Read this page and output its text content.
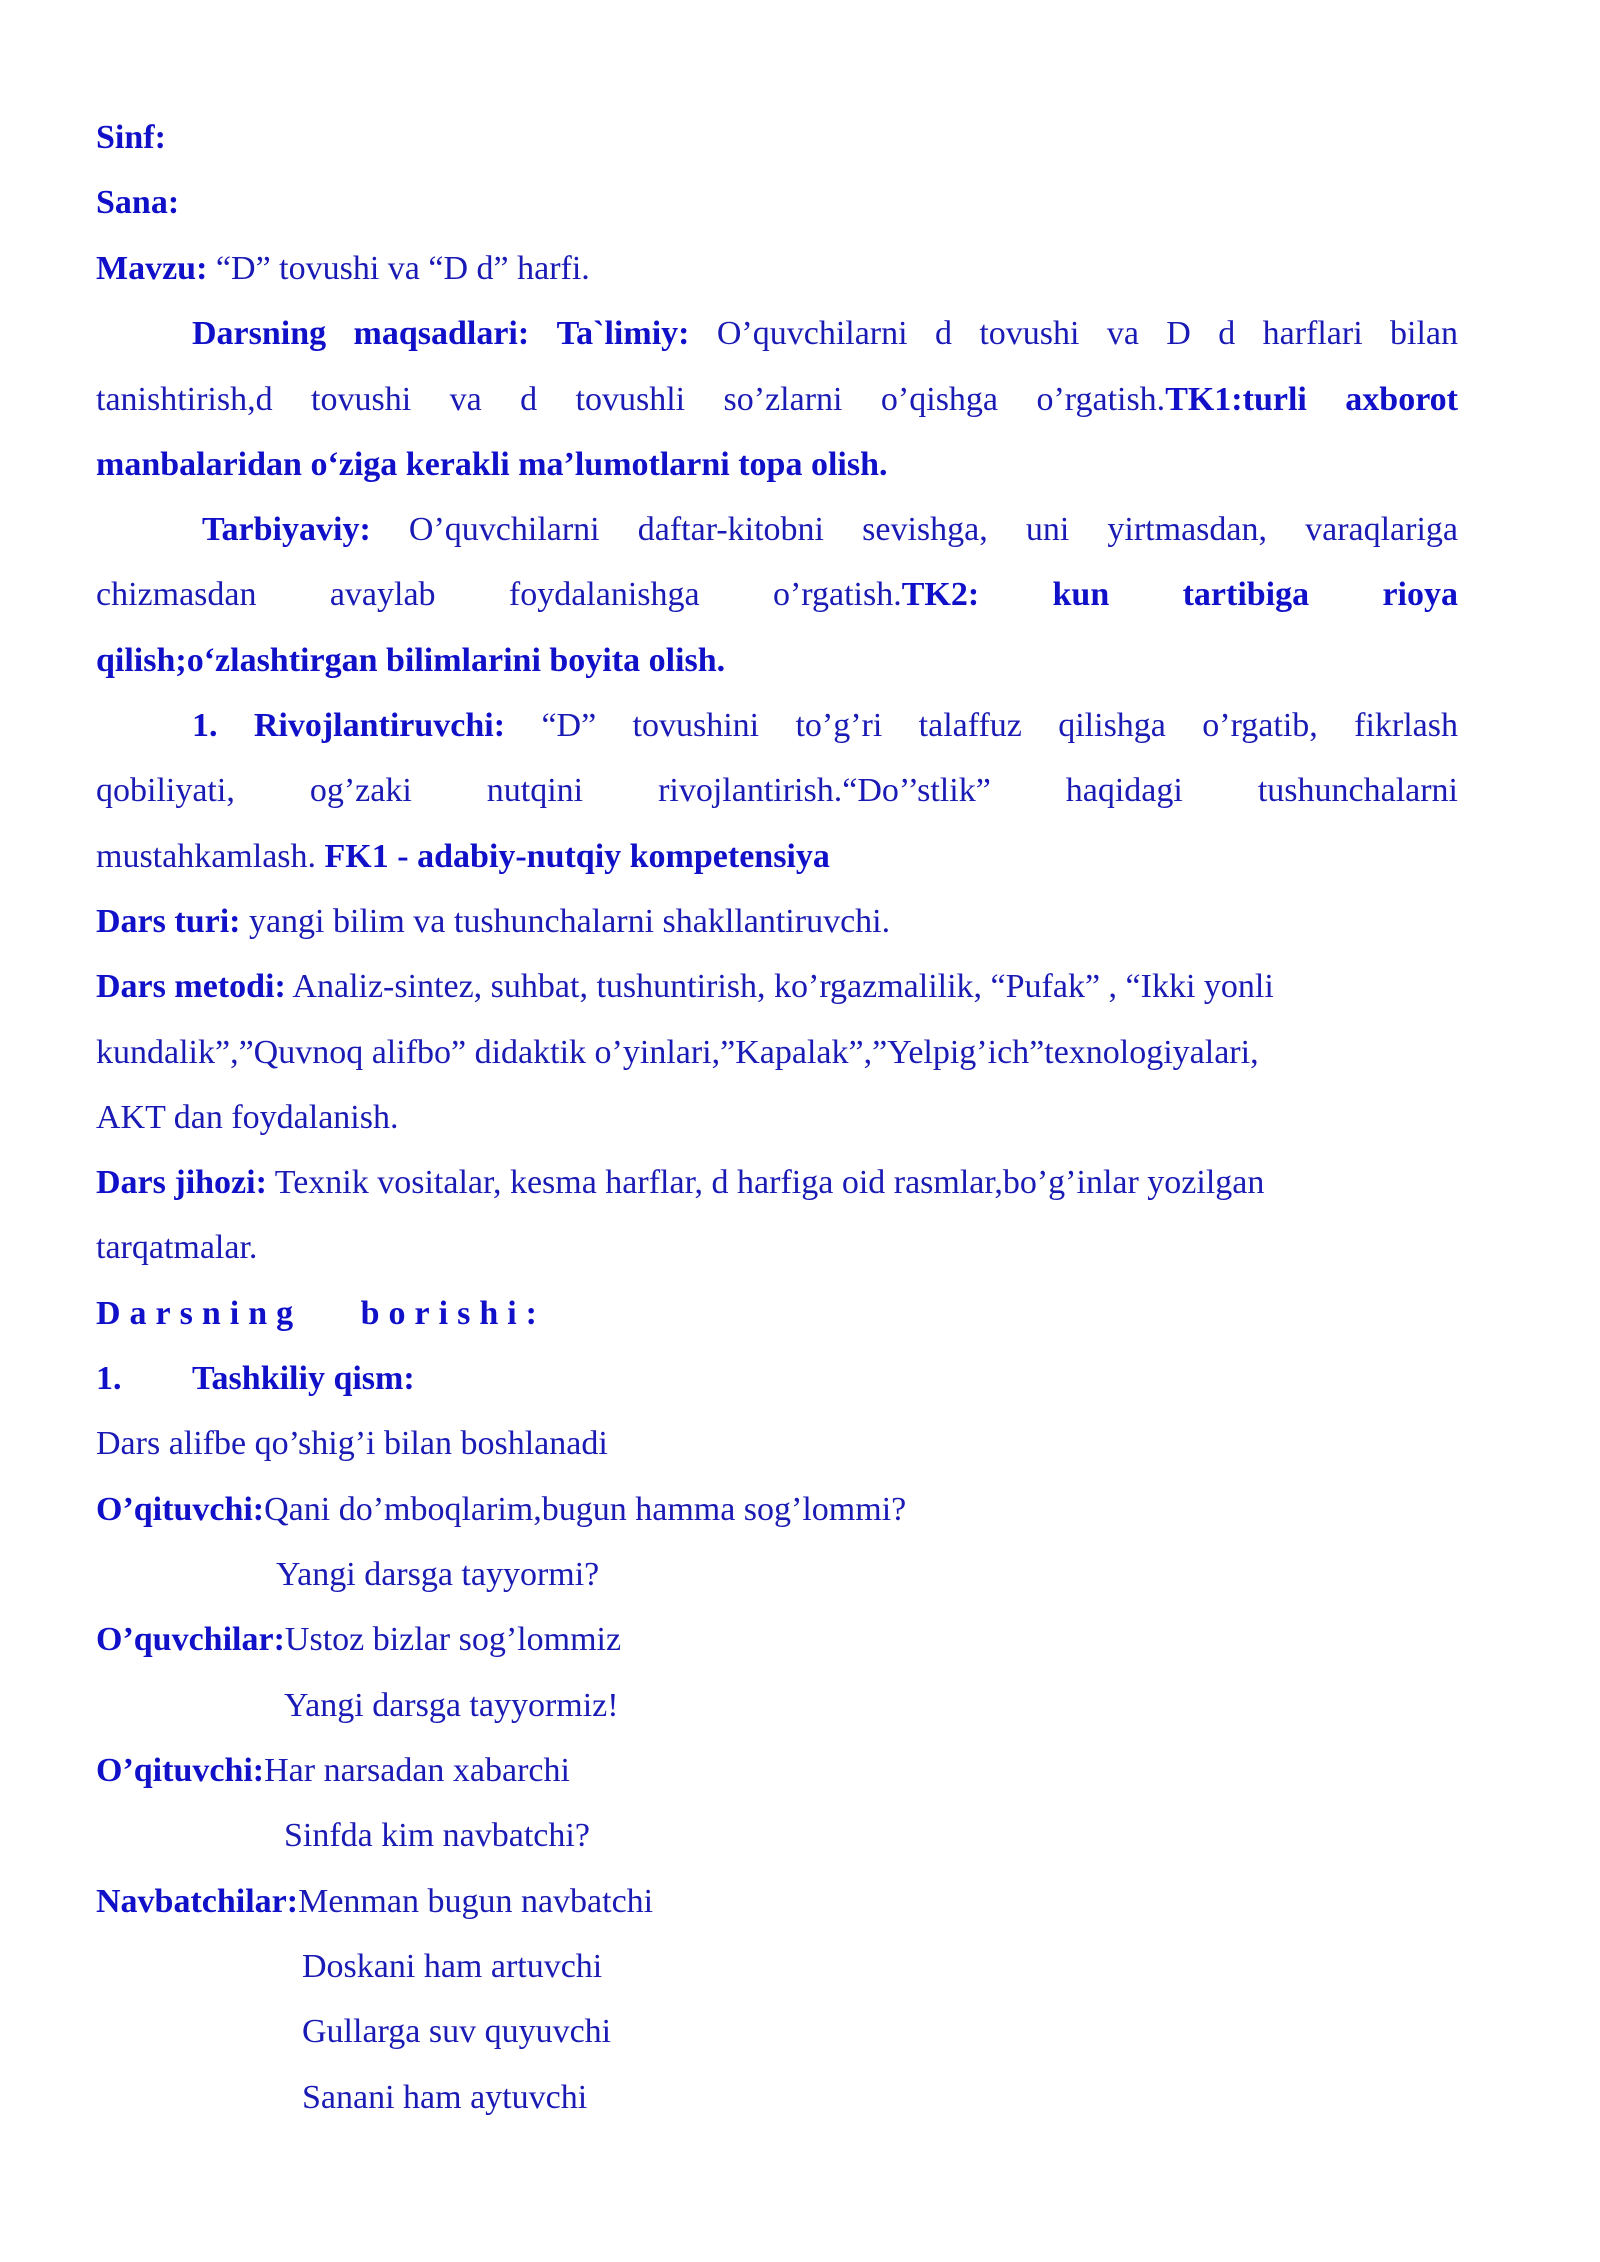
Sinf:
Sana:
Mavzu: “D” tovushi va “D d” harfi.
Darsning maqsadlari: Ta`limiy: O’quvchilarni d tovushi va D d harflari bilan
tanishtirish,d tovushi va d tovushli so’zlarni o’qishga o’rgatish.TK1:turli axborot
manbalaridan o‘ziga kerakli ma’lumotlarni topa olish.
Tarbiyaviy: O’quvchilarni daftar-kitobni sevishga, uni yirtmasdan, varaqlariga
chizmasdan avaylab foydalanishga o’rgatish.TK2: kun tartibiga rioya
qilish;o‘zlashtirgan bilimlarini boyita olish.
1. Rivojlantiruvchi: “D” tovushini to’g’ri talaffuz qilishga o’rgatib, fikrlash
qobiliyati, og’zaki nutqini rivojlantirish.“Do’’stlik” haqidagi tushunchalarni
mustahkamlash. FK1 - adabiy-nutqiy kompetensiya
Dars turi: yangi bilim va tushunchalarni shakllantiruvchi.
Dars metodi: Analiz-sintez, suhbat, tushuntirish, ko’rgazmalilik, “Pufak” , “Ikki yonli
kundalik”,”Quvnoq alifbo” didaktik o’yinlari,”Kapalak”,”Yelpig’ich”texnologiyalari,
AKT dan foydalanish.
Dars jihozi: Texnik vositalar, kesma harflar, d harfiga oid rasmlar,bo’g’inlar yozilgan
tarqatmalar.
Darsning borishi:
1. Tashkiliy qism:
Dars alifbe qo’shig’i bilan boshlanadi
O’qituvchi:Qani do’mboqlarim,bugun hamma sog’lommi?
Yangi darsga tayyormi?
O’quvchilar:Ustoz bizlar sog’lommiz
Yangi darsga tayyormiz!
O’qituvchi:Har narsadan xabarchi
Sinfda kim navbatchi?
Navbatchilar:Menman bugun navbatchi
Doskani ham artuvchi
Gullarga suv quyuvchi
Sanani ham aytuvchi
